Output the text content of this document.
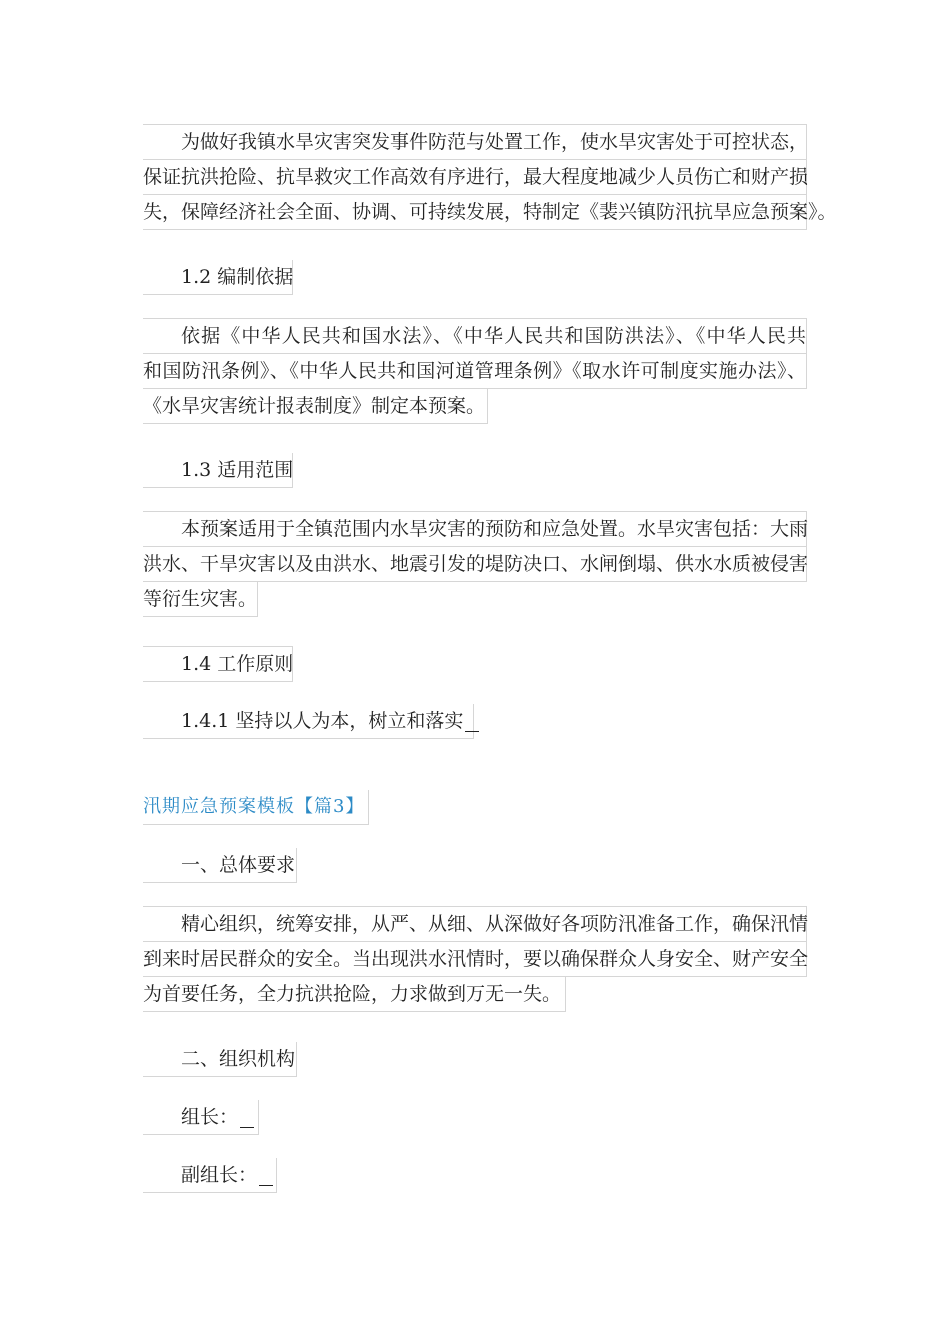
为做好我镇水旱灾害突发事件防范与处置工作，使水旱灾害处于可控状态，
保证抗洪抢险、抗旱救灾工作高效有序进行，最大程度地减少人员伤亡和财产损
失，保障经济社会全面、协调、可持续发展，特制定《裴兴镇防汛抗旱应急预案》。
1.2 编制依据
依据《中华人民共和国水法》、《中华人民共和国防洪法》、《中华人民共
和国防汛条例》、《中华人民共和国河道管理条例》《取水许可制度实施办法》、
《水旱灾害统计报表制度》制定本预案。
1.3 适用范围
本预案适用于全镇范围内水旱灾害的预防和应急处置。水旱灾害包括：大雨
洪水、干旱灾害以及由洪水、地震引发的堤防决口、水闸倒塌、供水水质被侵害
等衍生灾害。
1.4 工作原则
1.4.1 坚持以人为本，树立和落实
汛期应急预案模板【篇3】
一、总体要求
精心组织，统筹安排，从严、从细、从深做好各项防汛准备工作，确保汛情
到来时居民群众的安全。当出现洪水汛情时，要以确保群众人身安全、财产安全
为首要任务，全力抗洪抢险，力求做到万无一失。
二、组织机构
组长：
副组长：
